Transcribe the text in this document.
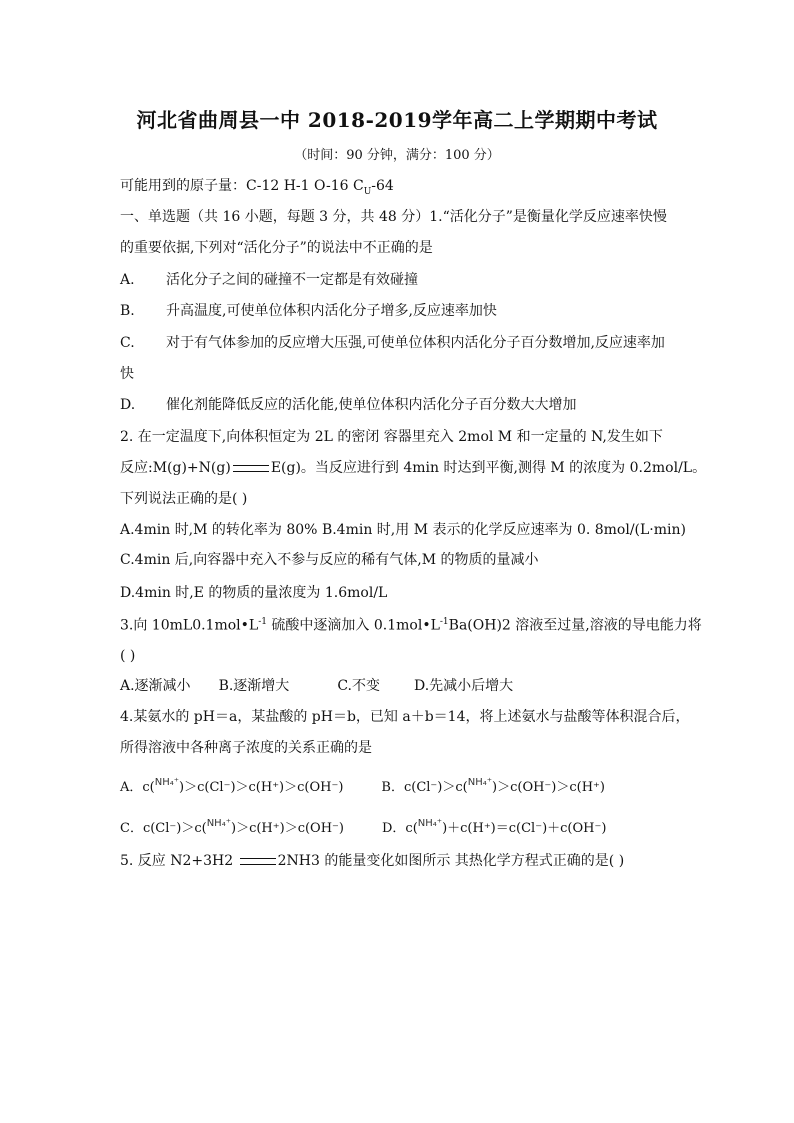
河北省曲周县一中 2018-2019学年高二上学期期中考试
（时间：90 分钟，满分：100 分）
可能用到的原子量：C-12 H-1 O-16 $C_U-64$
一、单选题（共 16 小题，每题 3 分，共 48 分）1.“活化分子”是衡量化学反应速率快慢
的重要依据,下列对“活化分子”的说法中不正确的是
A. 活化分子之间的碰撞不一定都是有效碰撞
B. 升高温度,可使单位体积内活化分子增多,反应速率加快
C. 对于有气体参加的反应增大压强,可使单位体积内活化分子百分数增加,反应速率加
快
D. 催化剂能降低反应的活化能,使单位体积内活化分子百分数大大增加
2. 在一定温度下,向体积恒定为 2L 的密闭 容器里充入 2mol M 和一定量的 N,发生如下
反应:M(g)+N(g)	E(g)。当反应进行到 4min 时达到平衡,测得 M 的浓度为 0.2mol/L。
下列说法正确的是( )
A.4min 时,M 的转化率为 80% B.4min 时,用 M 表示的化学反应速率为 0. 8mol/(L·min)
C.4min 后,向容器中充入不参与反应的稀有气体,M 的物质的量减小
D.4min 时,E 的物质的量浓度为 1.6mol/L
3.向 $10mL0.1mol•L^{-1}$ 硫酸中逐滴加入 $0.1mol•L^{-1}Ba(OH)2$ 溶液至过量,溶液的导电能力将
( )
A.逐渐减小 B.逐渐增大	C.不变 D.先减小后增大
4.某氨水的 pH＝a，某盐酸的 pH＝b，已知 a＋b＝14，将上述氨水与盐酸等体积混合后，
所得溶液中各种离子浓度的关系正确的是
A．c(NH₄⁺)＞c(Cl⁻)＞c(H⁺)＞c(OH⁻)	B．c(Cl⁻)＞c(NH₄⁺)＞c(OH⁻)＞c(H⁺)
C．c(Cl⁻)＞c(NH₄⁺)＞c(H⁺)＞c(OH⁻)	D．c(NH₄⁺)＋c(H⁺)＝c(Cl⁻)＋c(OH⁻)
5. 反应 N2+3H2	2NH3 的能量变化如图所示 其热化学方程式正确的是( )
